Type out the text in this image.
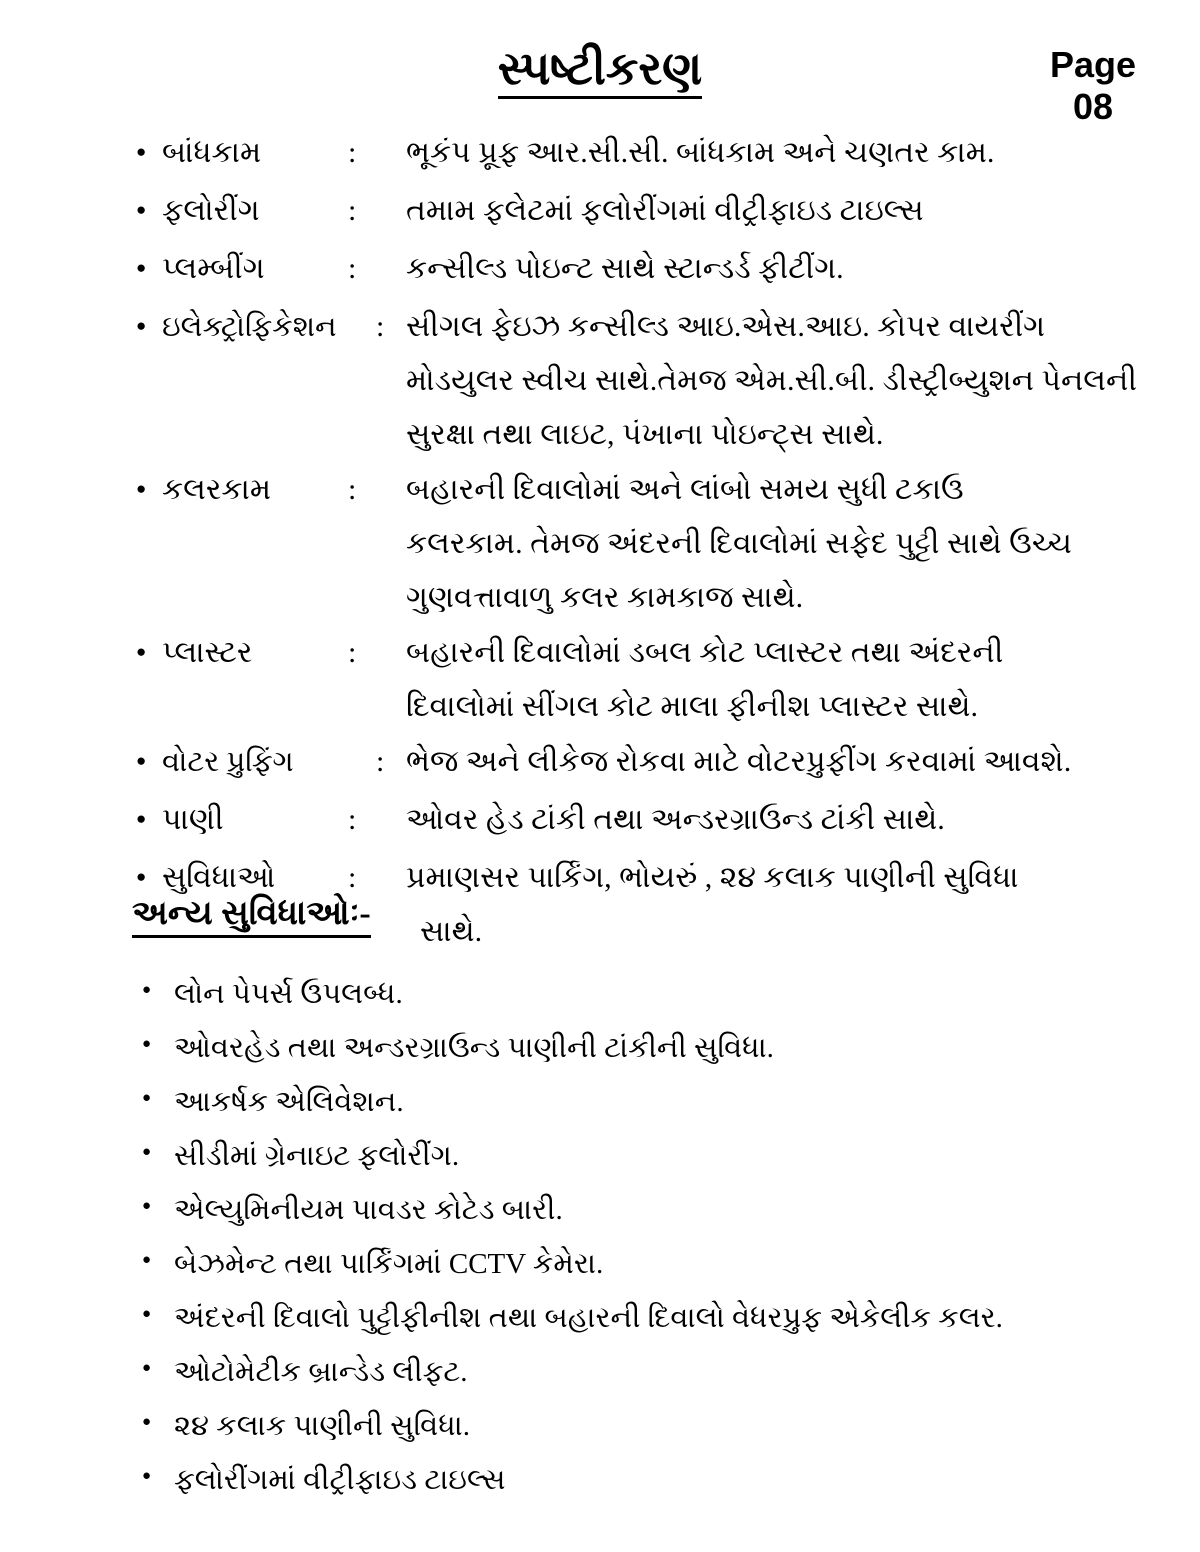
સ્પષ્ટીકરણ	Page
08
●
બાંધકામ	:	ભૂકંપ પ્રૂફ આર.સી.સી. બાંધકામ અને ચણતર કામ.
●
ફલોરીંગ	:	તમામ ફલેટમાં ફલોરીંગમાં વીટ્રીફાઇડ ટાઇલ્સ
●
પ્લમ્બીંગ	:	કન્સીલ્ડ પોઇન્ટ સાથે સ્ટાન્ડર્ડ ફીટીંગ.
●
ઇલેક્ટ્રોફિકેશન	: સીગલ ફેઇઝ કન્સીલ્ડ આઇ.એસ.આઇ. કોપર વાયરીંગ
મોડયુલર સ્વીચ સાથે.તેમજ એમ.સી.બી. ડીસ્ટ્રીબ્યુશન પેનલની
સુરક્ષા તથા લાઇટ, પંખાના પોઇન્ટ્સ સાથે.
●
કલરકામ	:	બહારની દિવાલોમાં અને લાંબો સમય સુધી ટકાઉ
કલરકામ. તેમજ અંદરની દિવાલોમાં સફેદ પુટ્ટી સાથે ઉચ્ચ
ગુણવત્તાવાળુ કલર કામકાજ સાથે.
●
પ્લાસ્ટર	:	બહારની દિવાલોમાં ડબલ કોટ પ્લાસ્ટર તથા અંદરની
દિવાલોમાં સીંગલ કોટ માલા ફીનીશ પ્લાસ્ટર સાથે.
●
વોટર પ્રુફિંગ	: ભેજ અને લીકેજ રોકવા માટે વોટરપ્રુફીંગ કરવામાં આવશે.
●
પાણી	:	ઓવર હેડ ટાંકી તથા અન્ડરગ્રાઉન્ડ ટાંકી સાથે.
●
સુવિધાઓ	:	પ્રમાણસર પાર્કિંગ, ભોયરું , ૨૪ કલાક પાણીની સુવિધા
સાથે.
અન્ય સુવિધાઓઃ-
●
લોન પેપર્સ ઉપલબ્ધ.
●
ઓવરહેડ તથા અન્ડરગ્રાઉન્ડ પાણીની ટાંકીની સુવિધા.
●
આકર્ષક એલિવેશન.
●
સીડીમાં ગ્રેનાઇટ ફલોરીંગ.
●
એલ્યુમિનીયમ પાવડર કોટેડ બારી.
●
બેઝમેન્ટ તથા પાર્કિંગમાં CCTV કેમેરા.
●
અંદરની દિવાલો પુટ્ટીફીનીશ તથા બહારની દિવાલો વેધરપ્રુફ એકેલીક કલર.
●
ઓટોમેટીક બ્રાન્ડેડ લીફટ.
●
૨૪ કલાક પાણીની સુવિધા.
●
ફલોરીંગમાં વીટ્રીફાઇડ ટાઇલ્સ
